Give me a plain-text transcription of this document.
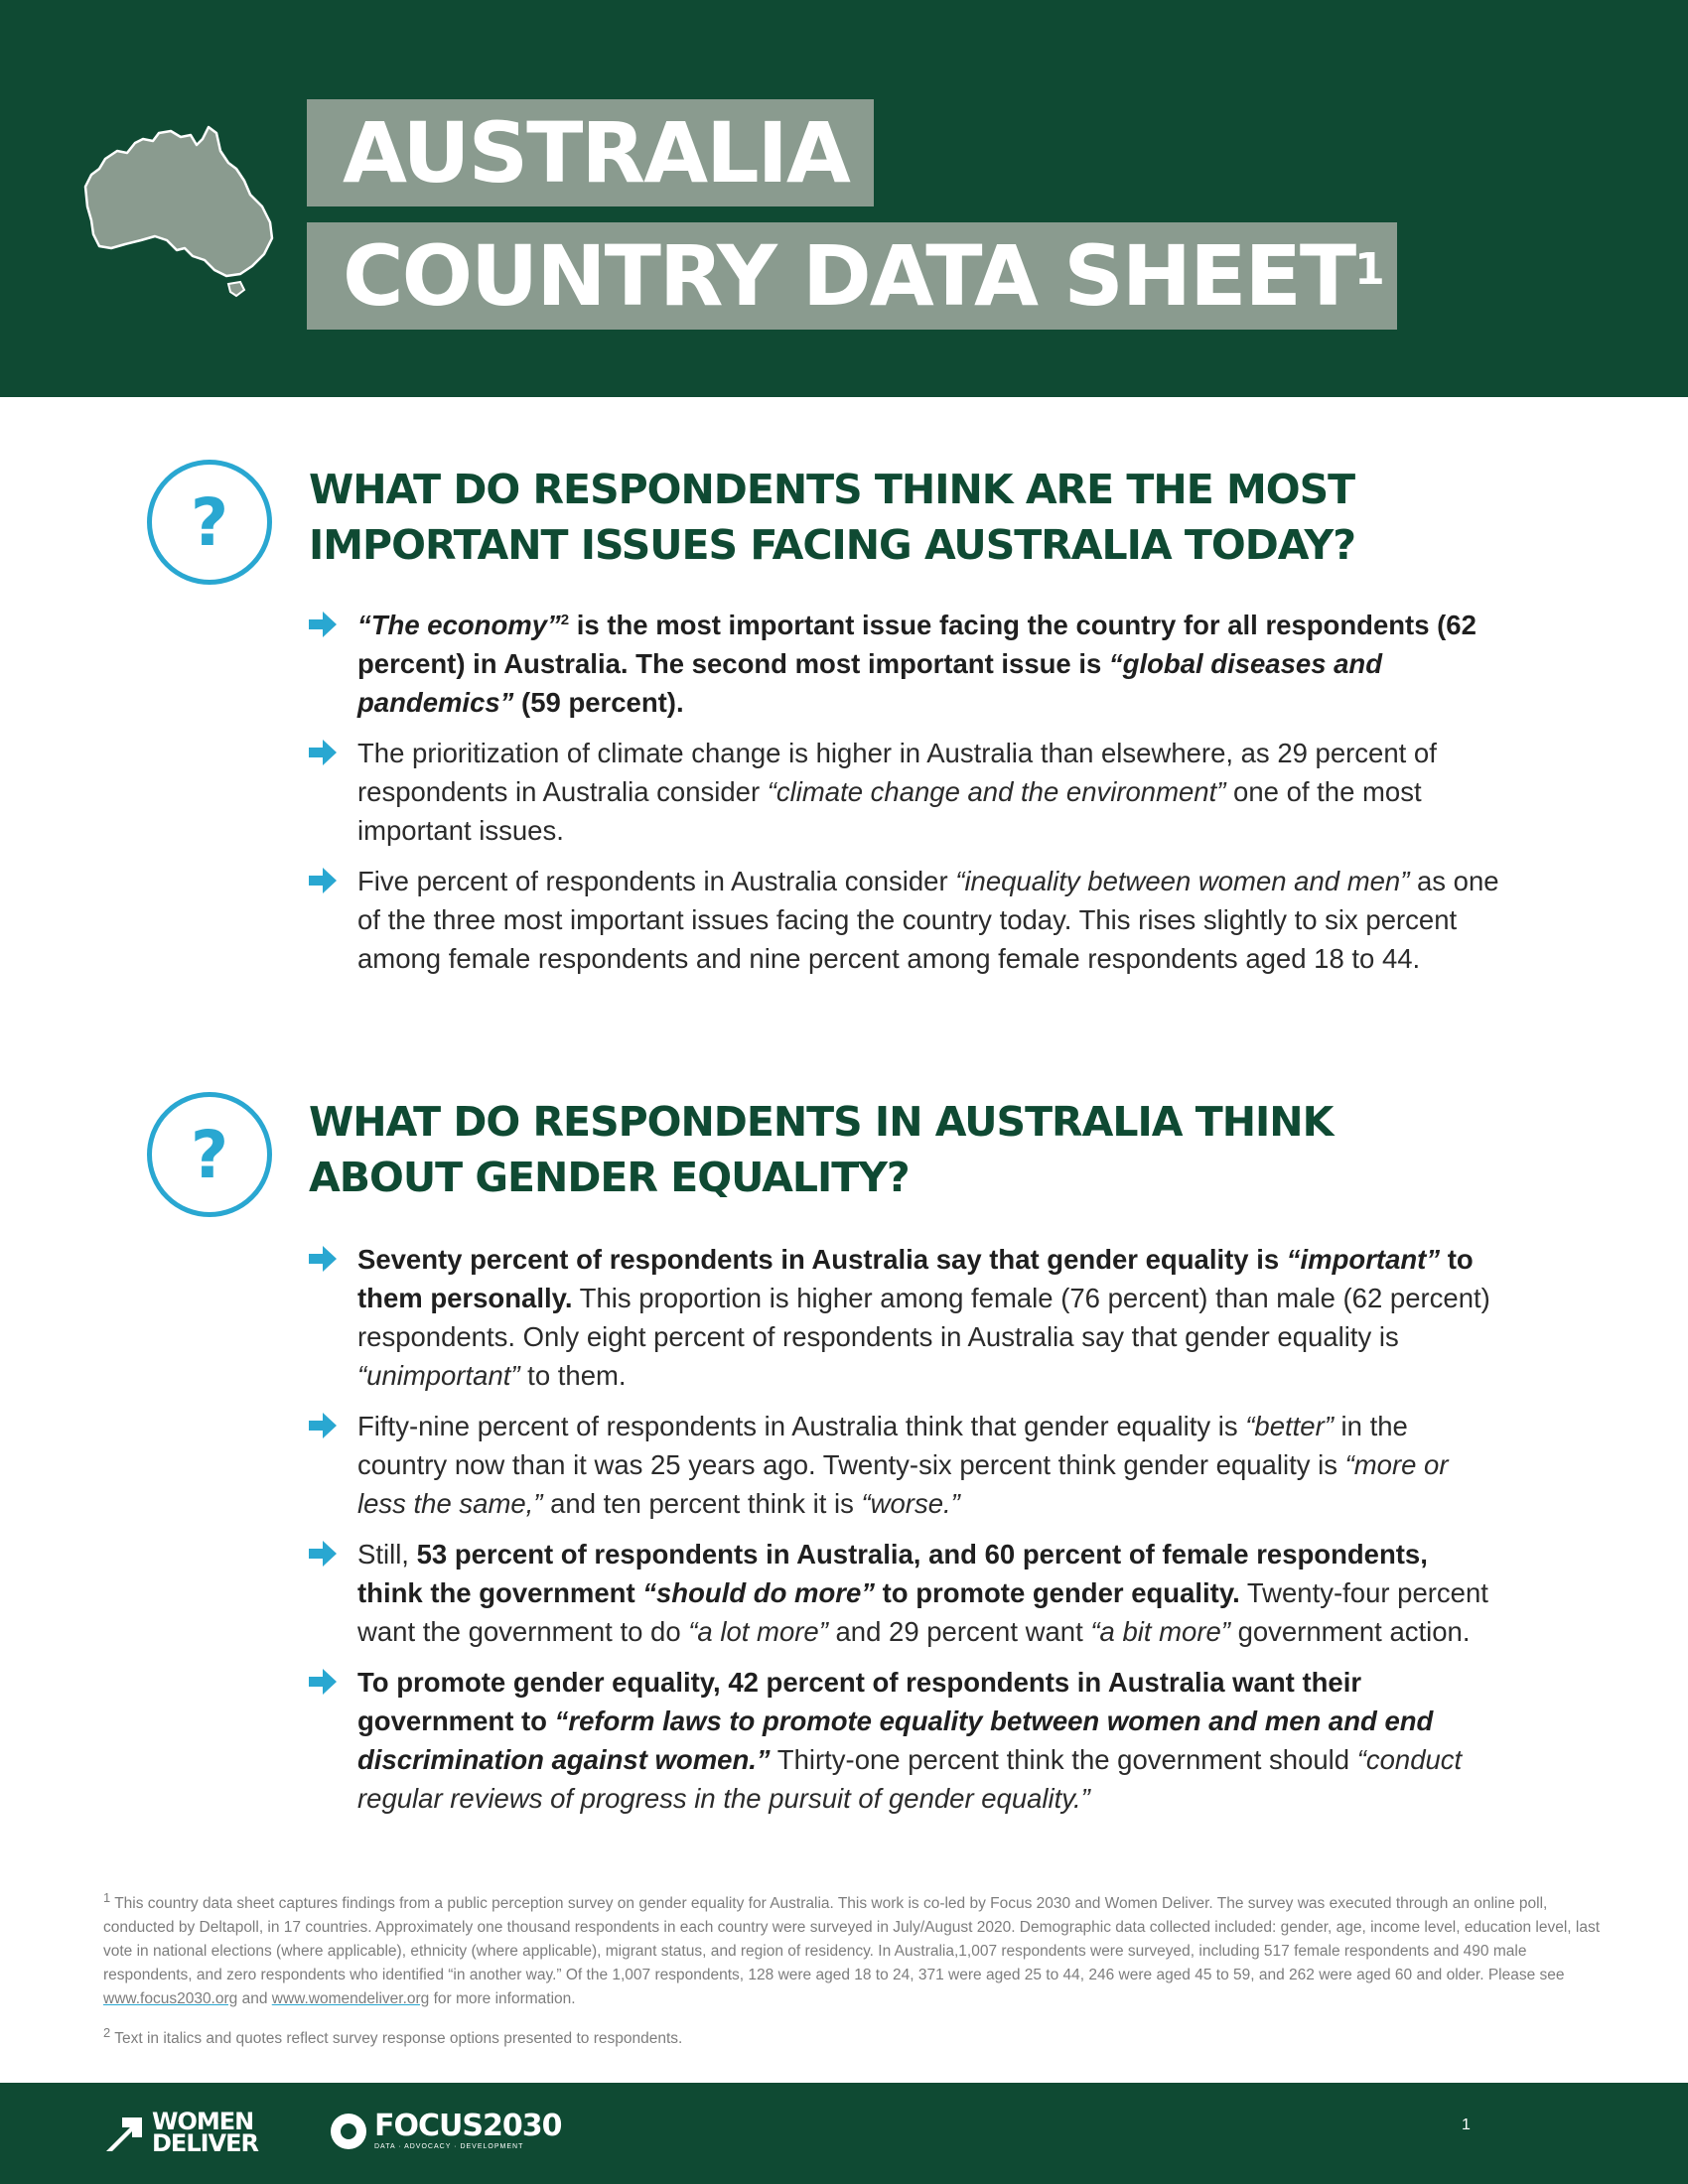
AUSTRALIA
COUNTRY DATA SHEET$^1$
? WHAT DO RESPONDENTS THINK ARE THE MOST
IMPORTANT ISSUES FACING AUSTRALIA TODAY?
“The economy”$^2$ is the most important issue facing the country for all respondents (62 percent) in Australia. The second most important issue is “global diseases and pandemics” (59 percent).
The prioritization of climate change is higher in Australia than elsewhere, as 29 percent of respondents in Australia consider “climate change and the environment” one of the most important issues.
Five percent of respondents in Australia consider “inequality between women and men” as one of the three most important issues facing the country today. This rises slightly to six percent among female respondents and nine percent among female respondents aged 18 to 44.
? WHAT DO RESPONDENTS IN AUSTRALIA THINK
ABOUT GENDER EQUALITY?
Seventy percent of respondents in Australia say that gender equality is “important” to them personally. This proportion is higher among female (76 percent) than male (62 percent) respondents. Only eight percent of respondents in Australia say that gender equality is “unimportant” to them.
Fifty-nine percent of respondents in Australia think that gender equality is “better” in the country now than it was 25 years ago. Twenty-six percent think gender equality is “more or less the same,” and ten percent think it is “worse.”
Still, 53 percent of respondents in Australia, and 60 percent of female respondents, think the government “should do more” to promote gender equality. Twenty-four percent want the government to do “a lot more” and 29 percent want “a bit more” government action.
To promote gender equality, 42 percent of respondents in Australia want their government to “reform laws to promote equality between women and men and end discrimination against women.” Thirty-one percent think the government should “conduct regular reviews of progress in the pursuit of gender equality.”

$^1$ This country data sheet captures findings from a public perception survey on gender equality for Australia. This work is co-led by Focus 2030 and Women Deliver. The survey was executed through an online poll, conducted by Deltapoll, in 17 countries. Approximately one thousand respondents in each country were surveyed in July/August 2020. Demographic data collected included: gender, age, income level, education level, last vote in national elections (where applicable), ethnicity (where applicable), migrant status, and region of residency. In Australia,1,007 respondents were surveyed, including 517 female respondents and 490 male respondents, and zero respondents who identified “in another way.” Of the 1,007 respondents, 128 were aged 18 to 24, 371 were aged 25 to 44, 246 were aged 45 to 59, and 262 were aged 60 and older. Please see www.focus2030.org and www.womendeliver.org for more information.

$^2$ Text in italics and quotes reflect survey response options presented to respondents.

WOMEN
DELIVER	FOCUS2030
DATA · ADVOCACY · DEVELOPMENT
1
